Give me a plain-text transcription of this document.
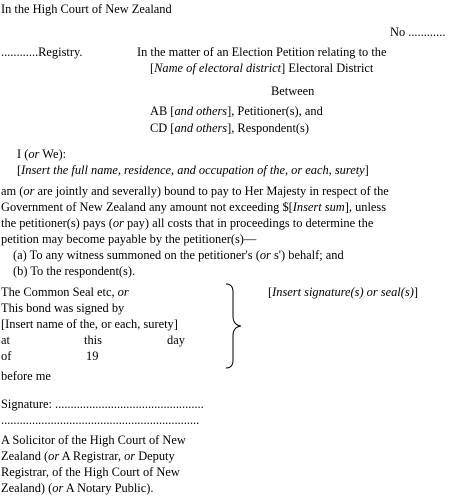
In the High Court of New Zealand
No ............
............Registry.	In the matter of an Election Petition relating to the
[Name of electoral district] Electoral District
Between
AB [and others], Petitioner(s), and
CD [and others], Respondent(s)
I (or We):
[Insert the full name, residence, and occupation of the, or each, surety]
am (or are jointly and severally) bound to pay to Her Majesty in respect of the
Government of New Zealand any amount not exceeding $[Insert sum], unless
the petitioner(s) pays (or pay) all costs that in proceedings to determine the
petition may become payable by the petitioner(s)—
(a) To any witness summoned on the petitioner's (or s') behalf; and
(b) To the respondent(s).
The Common Seal etc, or
This bond was signed by
[Insert name of the, or each, surety]
at	this	day
of	19
[Insert signature(s) or seal(s)]
before me
Signature: ................................................
................................................................
A Solicitor of the High Court of New
Zealand (or A Registrar, or Deputy
Registrar, of the High Court of New
Zealand) (or A Notary Public).
